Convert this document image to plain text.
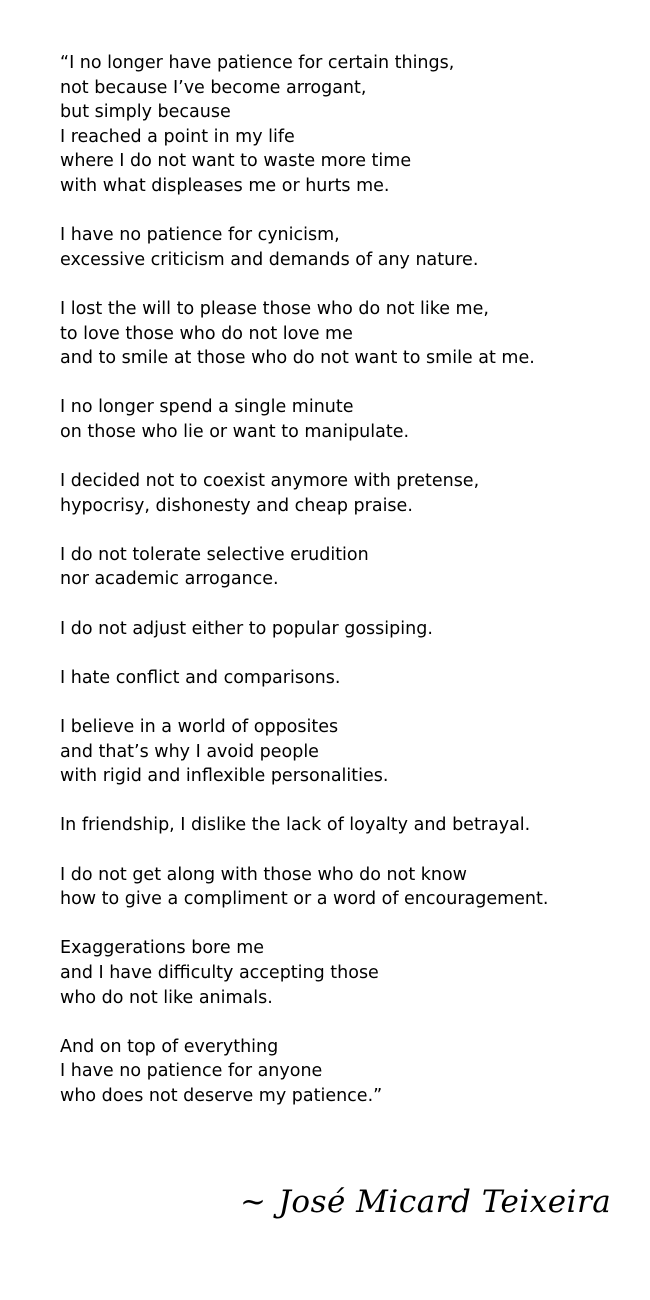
“I no longer have patience for certain things,
not because I’ve become arrogant,
but simply because
I reached a point in my life
where I do not want to waste more time
with what displeases me or hurts me.
I have no patience for cynicism,
excessive criticism and demands of any nature.
I lost the will to please those who do not like me,
to love those who do not love me
and to smile at those who do not want to smile at me.
I no longer spend a single minute
on those who lie or want to manipulate.
I decided not to coexist anymore with pretense,
hypocrisy, dishonesty and cheap praise.
I do not tolerate selective erudition
nor academic arrogance.
I do not adjust either to popular gossiping.
I hate conflict and comparisons.
I believe in a world of opposites
and that’s why I avoid people
with rigid and inflexible personalities.
In friendship, I dislike the lack of loyalty and betrayal.
I do not get along with those who do not know
how to give a compliment or a word of encouragement.
Exaggerations bore me
and I have difficulty accepting those
who do not like animals.
And on top of everything
I have no patience for anyone
who does not deserve my patience.”
~ José Micard Teixeira
